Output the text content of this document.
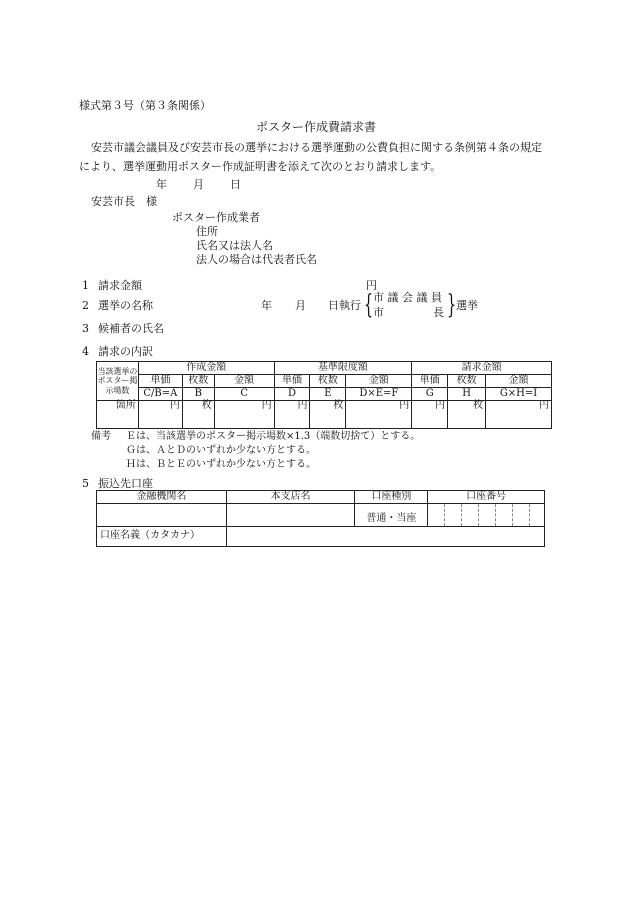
様式第３号（第３条関係）
ポスター作成費請求書
安芸市議会議員及び安芸市長の選挙における選挙運動の公費負担に関する条例第４条の規定
により、選挙運動用ポスター作成証明書を添えて次のとおり請求します。
年 月 日
安芸市長　様
ポスター作成業者
住所
氏名又は法人名
法人の場合は代表者氏名
1 請求金額	円
2 選挙の名称	年 月 日執行 { 市 議 会 議 員
市	長 } 選挙
3 候補者の氏名
4 請求の内訳
当該選挙の
ポスター掲
示場数	作成金額			基準限度額			請求金額		
	単価	枚数	金額	単価	枚数	金額	単価	枚数	金額
	C/B=A	B	C	D	E	D×E=F	G	H	G×H=I
箇所	円	枚	円	円	枚	円	円	枚	円
備考 Ｅは、当該選挙のポスター掲示場数×1.3（端数切捨て）とする。
Ｇは、ＡとＤのいずれか少ない方とする。
Ｈは、ＢとＥのいずれか少ない方とする。
5 振込先口座
金融機関名	本支店名	口座種別	口座番号
		普通・当座	

口座名義（カタカナ）			
